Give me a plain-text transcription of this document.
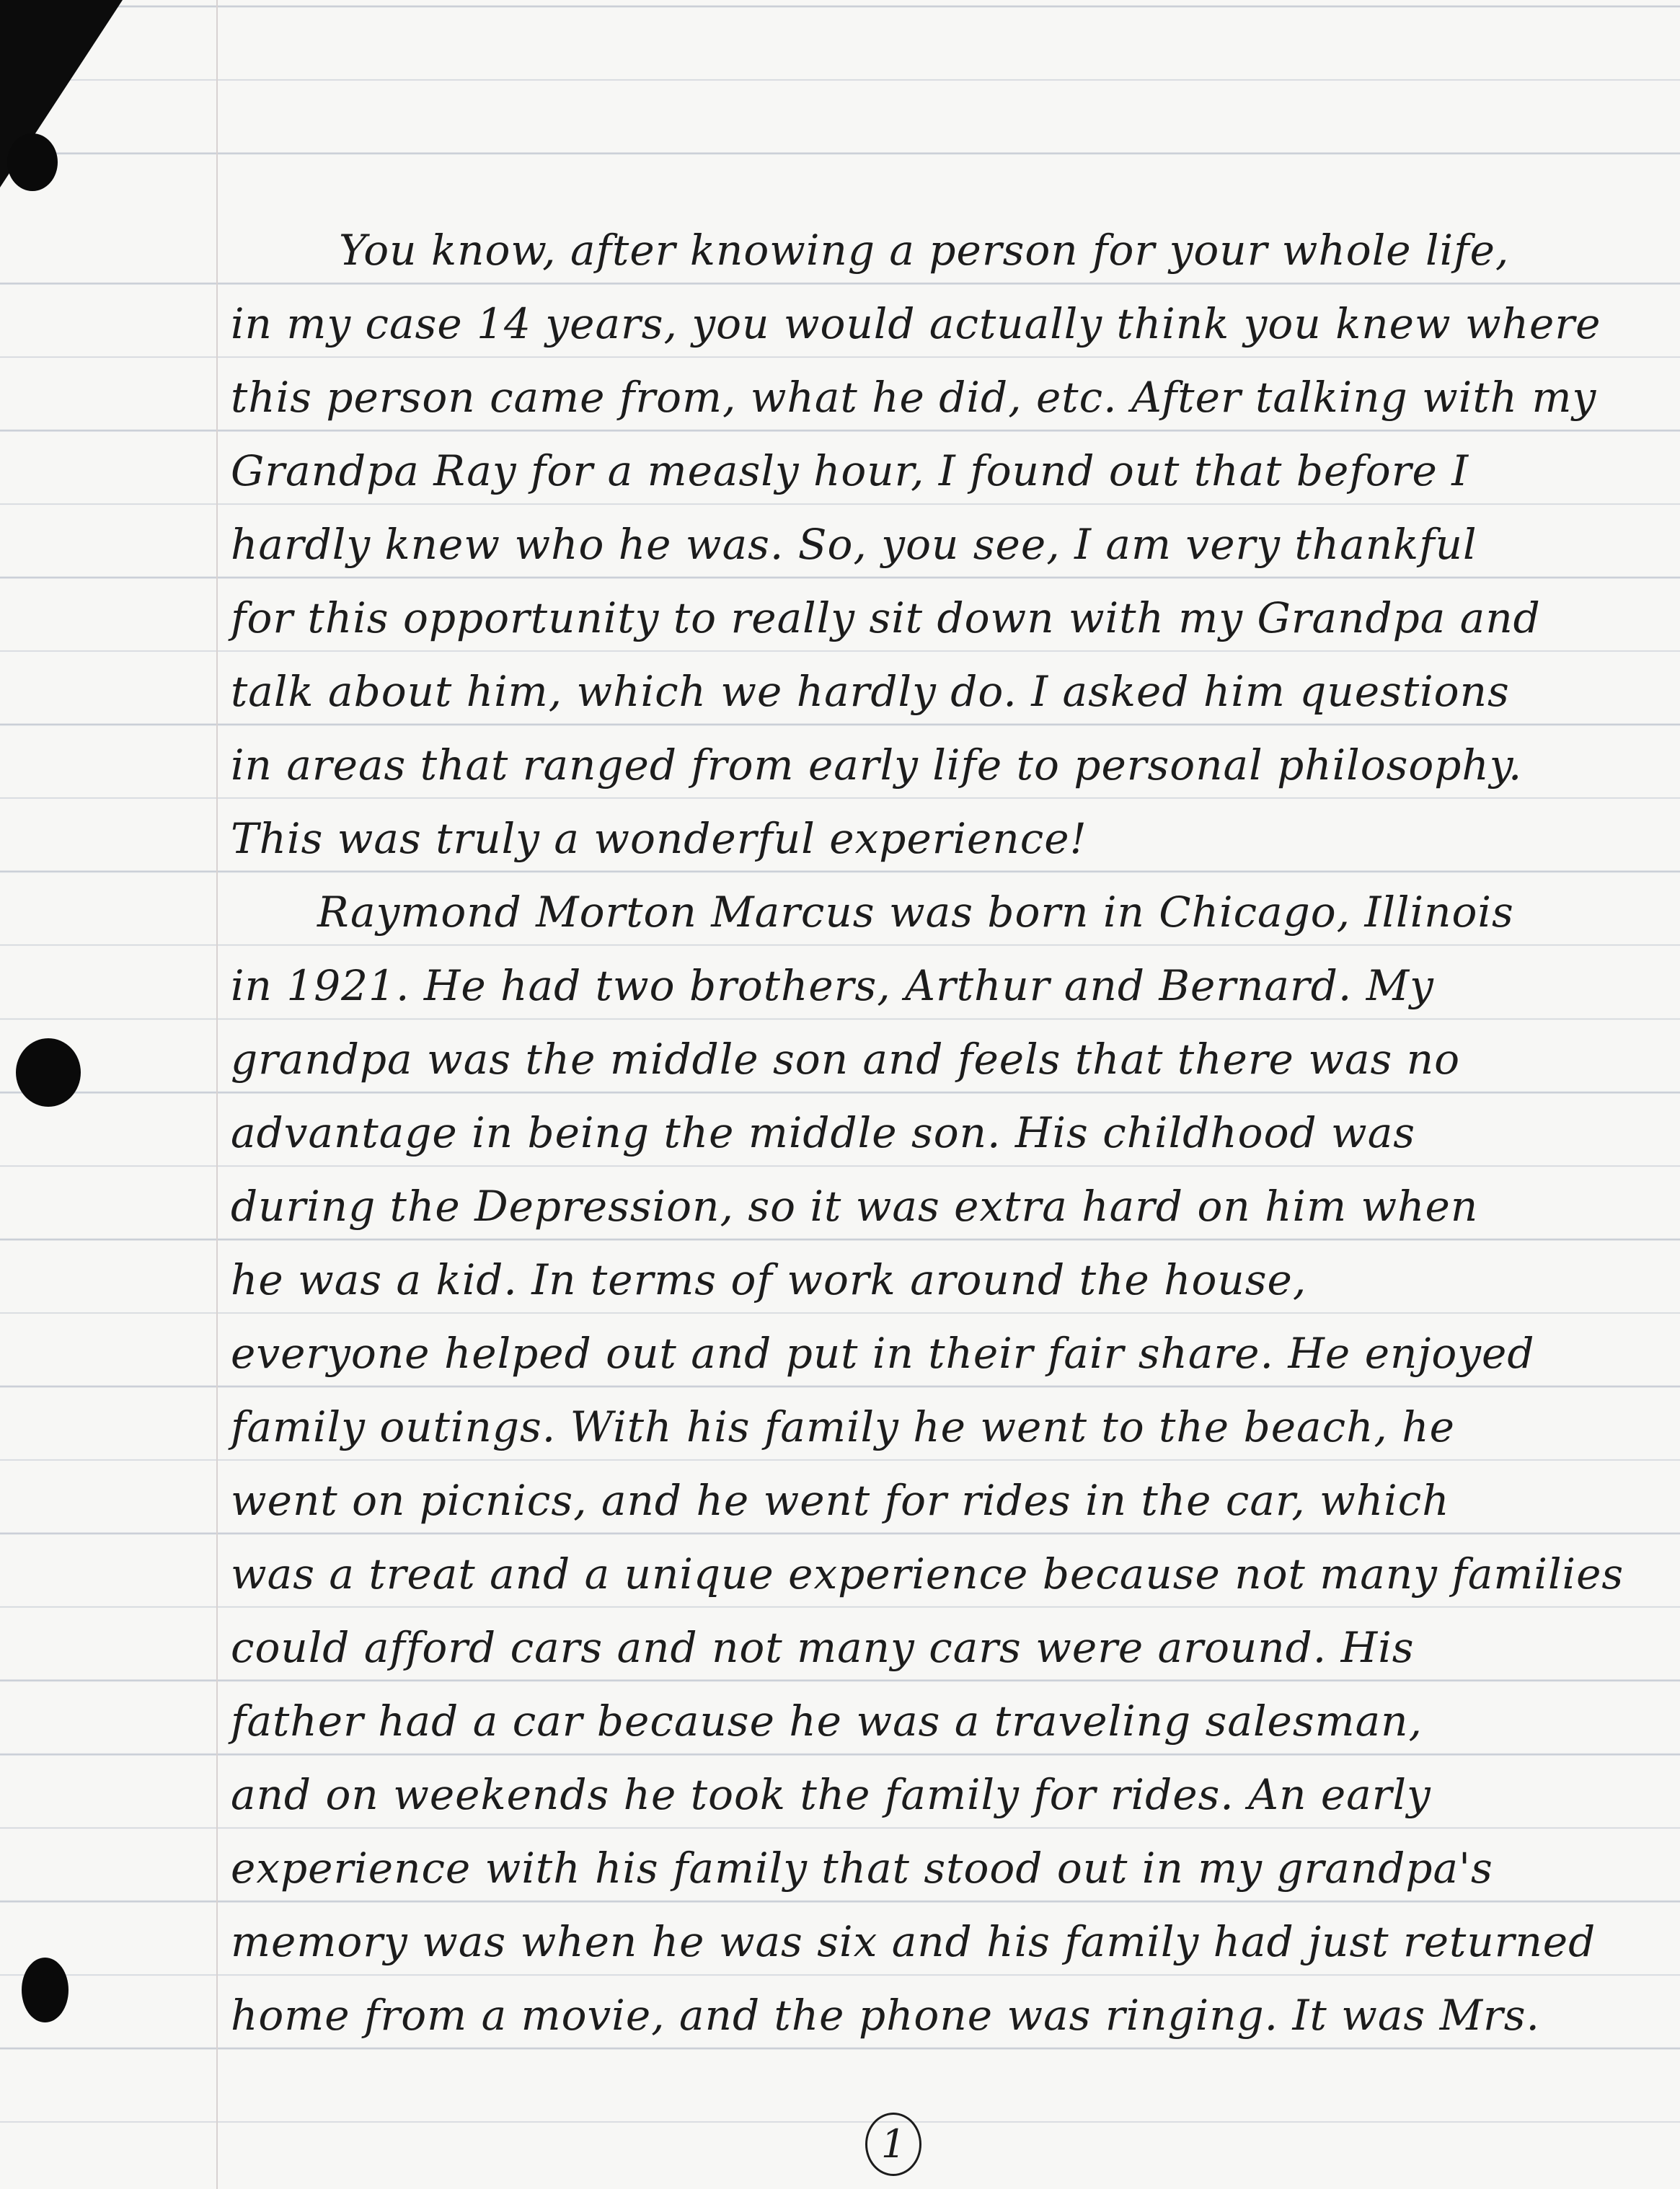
You know, after knowing a person for your whole life,
in my case 14 years, you would actually think you knew where
this person came from, what he did, etc. After talking with my
Grandpa Ray for a measly hour, I found out that before I
hardly knew who he was. So, you see, I am very thankful
for this opportunity to really sit down with my Grandpa and
talk about him, which we hardly do. I asked him questions
in areas that ranged from early life to personal philosophy.
This was truly a wonderful experience!
Raymond Morton Marcus was born in Chicago, Illinois
in 1921. He had two brothers, Arthur and Bernard. My
grandpa was the middle son and feels that there was no
advantage in being the middle son. His childhood was
during the Depression, so it was extra hard on him when
he was a kid. In terms of work around the house,
everyone helped out and put in their fair share. He enjoyed
family outings. With his family he went to the beach, he
went on picnics, and he went for rides in the car, which
was a treat and a unique experience because not many families
could afford cars and not many cars were around. His
father had a car because he was a traveling salesman,
and on weekends he took the family for rides. An early
experience with his family that stood out in my grandpa's
memory was when he was six and his family had just returned
home from a movie, and the phone was ringing. It was Mrs.
1
